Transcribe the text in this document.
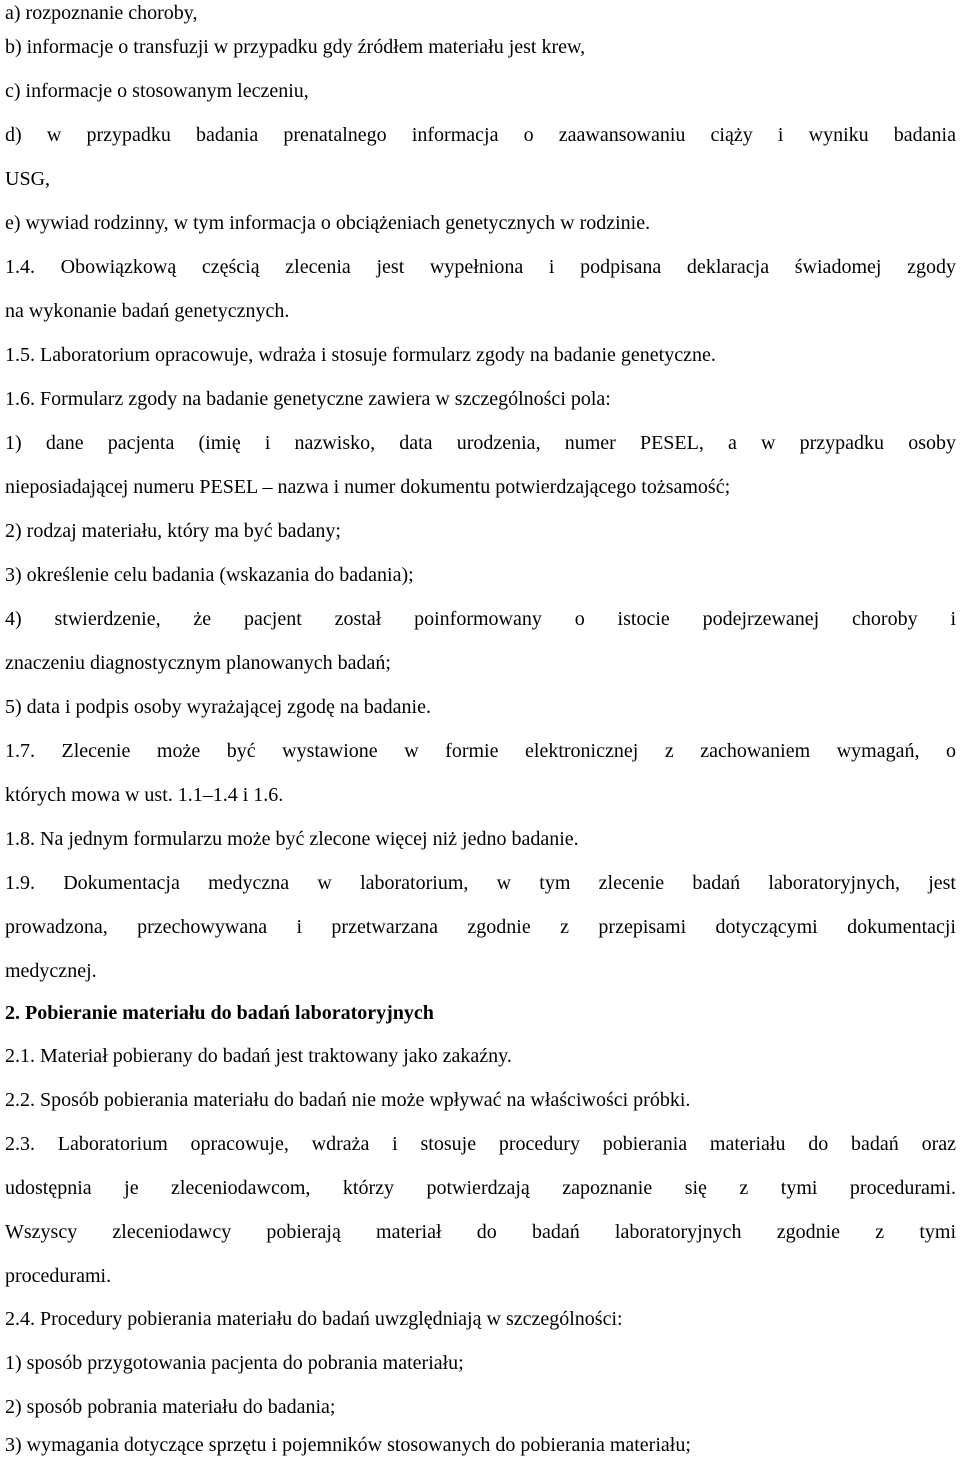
a) rozpoznanie choroby,
b) informacje o transfuzji w przypadku gdy źródłem materiału jest krew,
c) informacje o stosowanym leczeniu,
d) w przypadku badania prenatalnego informacja o zaawansowaniu ciąży i wyniku badania
USG,
e) wywiad rodzinny, w tym informacja o obciążeniach genetycznych w rodzinie.
1.4. Obowiązkową częścią zlecenia jest wypełniona i podpisana deklaracja świadomej zgody
na wykonanie badań genetycznych.
1.5. Laboratorium opracowuje, wdraża i stosuje formularz zgody na badanie genetyczne.
1.6. Formularz zgody na badanie genetyczne zawiera w szczególności pola:
1) dane pacjenta (imię i nazwisko, data urodzenia, numer PESEL, a w przypadku osoby
nieposiadającej numeru PESEL – nazwa i numer dokumentu potwierdzającego tożsamość;
2) rodzaj materiału, który ma być badany;
3) określenie celu badania (wskazania do badania);
4) stwierdzenie, że pacjent został poinformowany o istocie podejrzewanej choroby i
znaczeniu diagnostycznym planowanych badań;
5) data i podpis osoby wyrażającej zgodę na badanie.
1.7. Zlecenie może być wystawione w formie elektronicznej z zachowaniem wymagań, o
których mowa w ust. 1.1–1.4 i 1.6.
1.8. Na jednym formularzu może być zlecone więcej niż jedno badanie.
1.9. Dokumentacja medyczna w laboratorium, w tym zlecenie badań laboratoryjnych, jest
prowadzona, przechowywana i przetwarzana zgodnie z przepisami dotyczącymi dokumentacji
medycznej.
2. Pobieranie materiału do badań laboratoryjnych
2.1. Materiał pobierany do badań jest traktowany jako zakaźny.
2.2. Sposób pobierania materiału do badań nie może wpływać na właściwości próbki.
2.3. Laboratorium opracowuje, wdraża i stosuje procedury pobierania materiału do badań oraz
udostępnia je zleceniodawcom, którzy potwierdzają zapoznanie się z tymi procedurami.
Wszyscy zleceniodawcy pobierają materiał do badań laboratoryjnych zgodnie z tymi
procedurami.
2.4. Procedury pobierania materiału do badań uwzględniają w szczególności:
1) sposób przygotowania pacjenta do pobrania materiału;
2) sposób pobrania materiału do badania;
3) wymagania dotyczące sprzętu i pojemników stosowanych do pobierania materiału;
